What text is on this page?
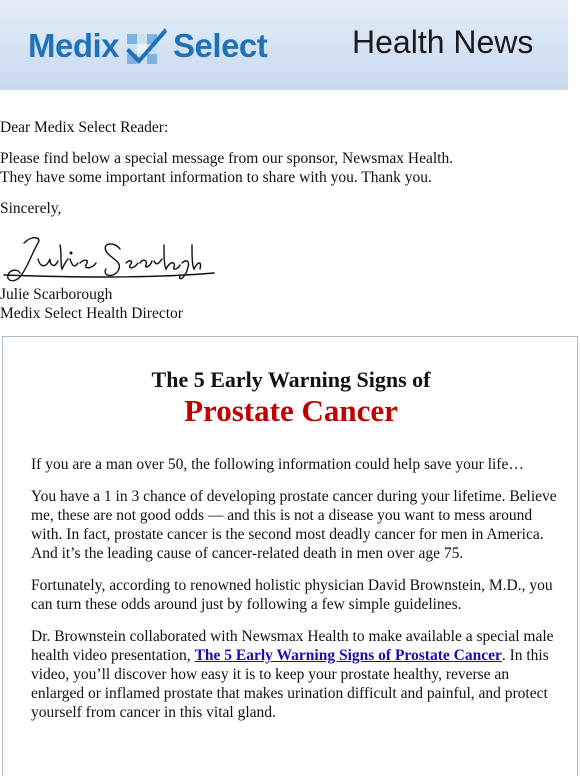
Medix Select	Health News

Dear Medix Select Reader:

Please find below a special message from our sponsor, Newsmax Health.
They have some important information to share with you. Thank you.

Sincerely,

Julie Scarborough
Medix Select Health Director
The 5 Early Warning Signs of
Prostate Cancer

If you are a man over 50, the following information could help save your life…

You have a 1 in 3 chance of developing prostate cancer during your lifetime. Believe me, these are not good odds — and this is not a disease you want to mess around with. In fact, prostate cancer is the second most deadly cancer for men in America. And it’s the leading cause of cancer-related death in men over age 75.

Fortunately, according to renowned holistic physician David Brownstein, M.D., you can turn these odds around just by following a few simple guidelines.

Dr. Brownstein collaborated with Newsmax Health to make available a special male health video presentation, The 5 Early Warning Signs of Prostate Cancer. In this video, you’ll discover how easy it is to keep your prostate healthy, reverse an enlarged or inflamed prostate that makes urination difficult and painful, and protect yourself from cancer in this vital gland.
